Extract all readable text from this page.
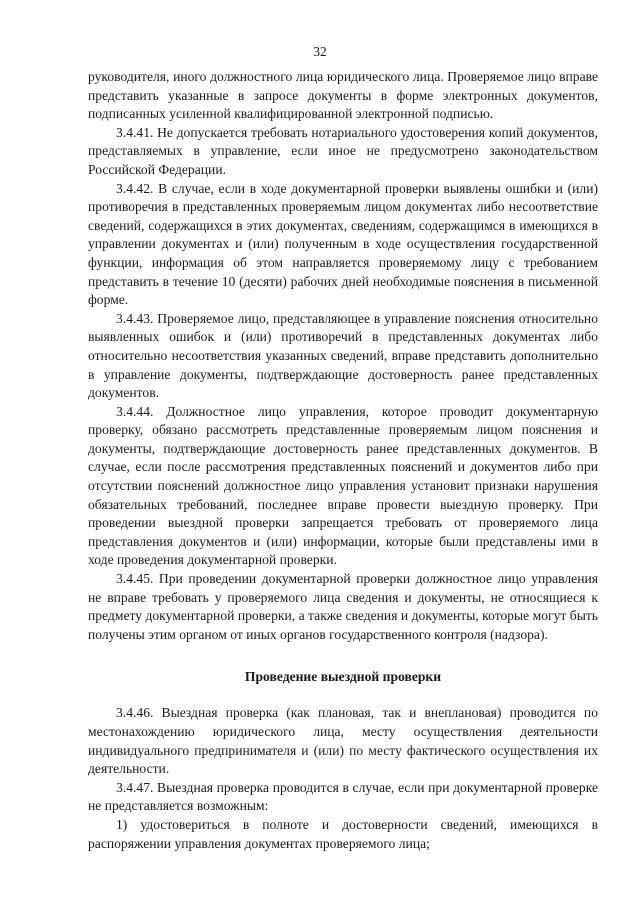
32

руководителя, иного должностного лица юридического лица. Проверяемое лицо вправе представить указанные в запросе документы в форме электронных документов, подписанных усиленной квалифицированной электронной подписью.

3.4.41. Не допускается требовать нотариального удостоверения копий документов, представляемых в управление, если иное не предусмотрено законодательством Российской Федерации.

3.4.42. В случае, если в ходе документарной проверки выявлены ошибки и (или) противоречия в представленных проверяемым лицом документах либо несоответствие сведений, содержащихся в этих документах, сведениям, содержащимся в имеющихся в управлении документах и (или) полученным в ходе осуществления государственной функции, информация об этом направляется проверяемому лицу с требованием представить в течение 10 (десяти) рабочих дней необходимые пояснения в письменной форме.

3.4.43. Проверяемое лицо, представляющее в управление пояснения относительно выявленных ошибок и (или) противоречий в представленных документах либо относительно несоответствия указанных сведений, вправе представить дополнительно в управление документы, подтверждающие достоверность ранее представленных документов.

3.4.44. Должностное лицо управления, которое проводит документарную проверку, обязано рассмотреть представленные проверяемым лицом пояснения и документы, подтверждающие достоверность ранее представленных документов. В случае, если после рассмотрения представленных пояснений и документов либо при отсутствии пояснений должностное лицо управления установит признаки нарушения обязательных требований, последнее вправе провести выездную проверку. При проведении выездной проверки запрещается требовать от проверяемого лица представления документов и (или) информации, которые были представлены ими в ходе проведения документарной проверки.

3.4.45. При проведении документарной проверки должностное лицо управления не вправе требовать у проверяемого лица сведения и документы, не относящиеся к предмету документарной проверки, а также сведения и документы, которые могут быть получены этим органом от иных органов государственного контроля (надзора).

Проведение выездной проверки

3.4.46. Выездная проверка (как плановая, так и внеплановая) проводится по местонахождению юридического лица, месту осуществления деятельности индивидуального предпринимателя и (или) по месту фактического осуществления их деятельности.

3.4.47. Выездная проверка проводится в случае, если при документарной проверке не представляется возможным:

1) удостовериться в полноте и достоверности сведений, имеющихся в распоряжении управления документах проверяемого лица;
